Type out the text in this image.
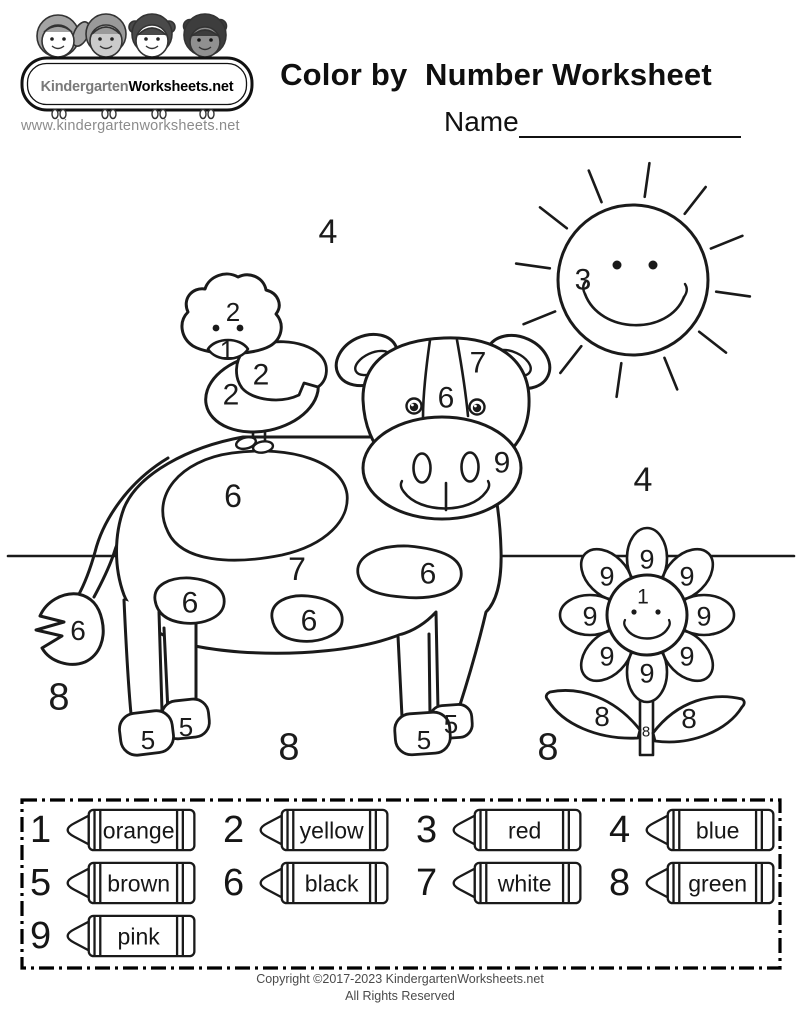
4
3
2
1
2
2
7
6
9	4
6
7	6
6
6
6
8
5 5 8	5
5
8
9
9
9
9
9
9
9
9
1
8	8
8
KindergartenWorksheets.net
www.kindergartenworksheets.net
Color by  Number Worksheet
Name
1 orange 2 yellow 3	red 4	blue
5 brown 6	black 7	white 8 green
9	pink
Copyright ©2017-2023 KindergartenWorksheets.net
All Rights Reserved
